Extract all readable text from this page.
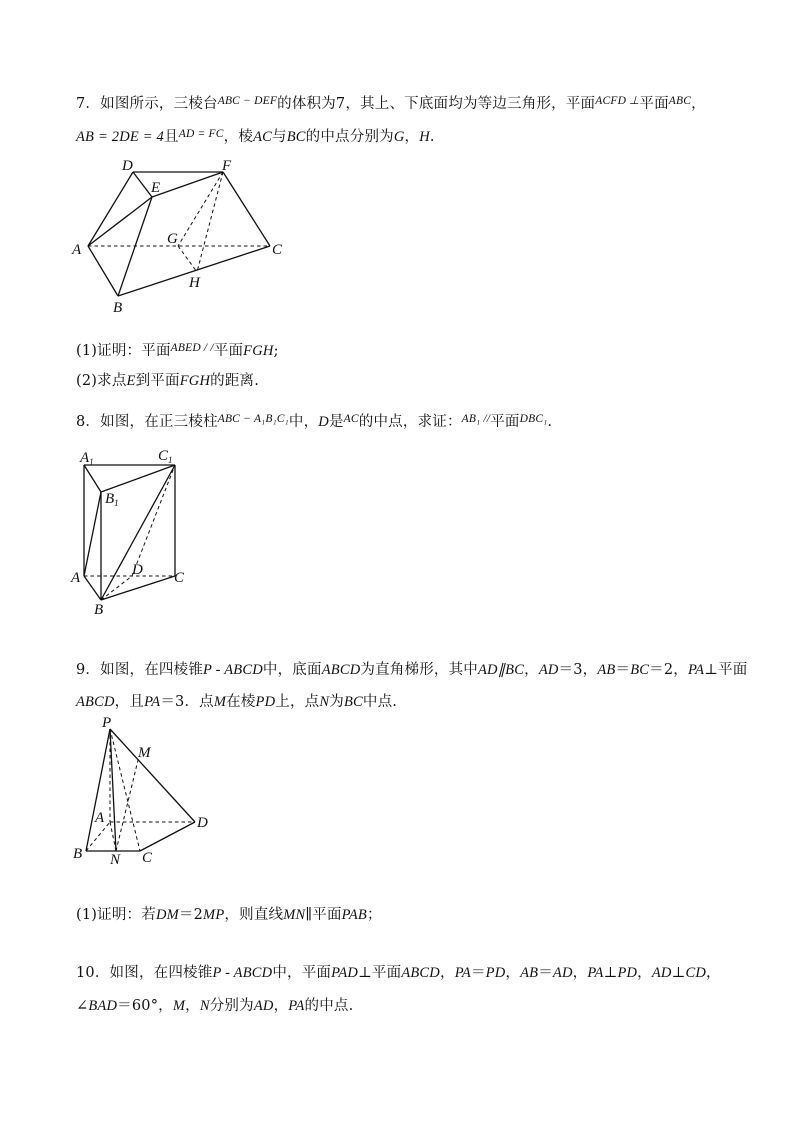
7．如图所示，三棱台$^{ABC - DEF}$的体积为7，其上、下底面均为等边三角形，平面$^{ACFD \perp}$平面$^{ABC}$，
AB = 2DE = 4且$^{AD = FC}$，棱AC与BC的中点分别为G，H.
D	F
E
A
G
C
H
B
(1)证明：平面$^{ABED / /}$平面FGH;
(2)求点E到平面FGH的距离.
8．如图，在正三棱柱$^{ABC - A_1B_1C_1}$中，D是$^{AC}$的中点，求证：$^{AB_1 //}$平面$^{DBC_1}$.
$A_1$	$C_1$
$B_1$
A	D C
B
9．如图，在四棱锥P - ABCD中，底面ABCD为直角梯形，其中AD∥BC，AD＝3，AB＝BC＝2，PA⊥平面
ABCD，且PA＝3．点M在棱PD上，点N为BC中点.
P
M
A	D
B N C
(1)证明：若DM＝2MP，则直线MN∥平面PAB；
10．如图，在四棱锥P - ABCD中，平面PAD⊥平面ABCD，PA＝PD，AB＝AD，PA⊥PD，AD⊥CD，
∠BAD＝60°，M，N分别为AD，PA的中点.
